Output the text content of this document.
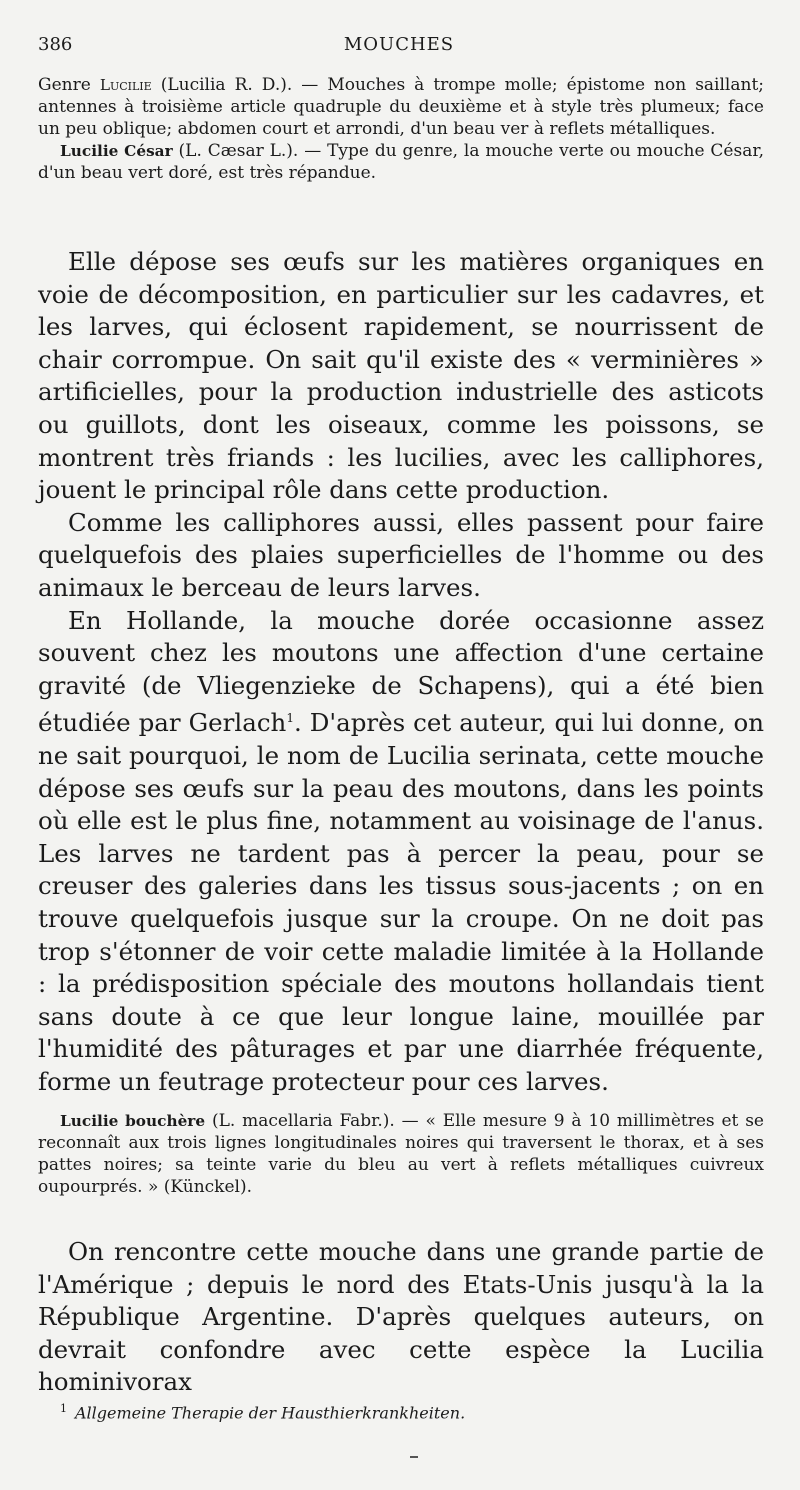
386	MOUCHES

Genre Lucilie (Lucilia R. D.). — Mouches à trompe molle; épistome non saillant; antennes à troisième article quadruple du deuxième et à style très plumeux; face un peu oblique; abdomen court et arrondi, d'un beau ver à reflets métalliques.

Lucilie César (L. Cæsar L.). — Type du genre, la mouche verte ou mouche César, d'un beau vert doré, est très répandue.

Elle dépose ses œufs sur les matières organiques en voie de décomposition, en particulier sur les cadavres, et les larves, qui éclosent rapidement, se nourrissent de chair corrompue. On sait qu'il existe des « verminières » artificielles, pour la production industrielle des asticots ou guillots, dont les oiseaux, comme les poissons, se montrent très friands : les lucilies, avec les calliphores, jouent le principal rôle dans cette production.

Comme les calliphores aussi, elles passent pour faire quelquefois des plaies superficielles de l'homme ou des animaux le berceau de leurs larves.

En Hollande, la mouche dorée occasionne assez souvent chez les moutons une affection d'une certaine gravité (de Vliegenzieke de Schapens), qui a été bien étudiée par Gerlach$^1$. D'après cet auteur, qui lui donne, on ne sait pourquoi, le nom de Lucilia serinata, cette mouche dépose ses œufs sur la peau des moutons, dans les points où elle est le plus fine, notamment au voisinage de l'anus. Les larves ne tardent pas à percer la peau, pour se creuser des galeries dans les tissus sous-jacents ; on en trouve quelquefois jusque sur la croupe. On ne doit pas trop s'étonner de voir cette maladie limitée à la Hollande : la prédisposition spéciale des moutons hollandais tient sans doute à ce que leur longue laine, mouillée par l'humidité des pâturages et par une diarrhée fréquente, forme un feutrage protecteur pour ces larves.

Lucilie bouchère (L. macellaria Fabr.). — « Elle mesure 9 à 10 millimètres et se reconnaît aux trois lignes longitudinales noires qui traversent le thorax, et à ses pattes noires; sa teinte varie du bleu au vert à reflets métalliques cuivreux oupourprés. » (Künckel).

On rencontre cette mouche dans une grande partie de l'Amérique ; depuis le nord des Etats-Unis jusqu'à la la République Argentine. D'après quelques auteurs, on devrait confondre avec cette espèce la Lucilia hominivorax

$^1$ Allgemeine Therapie der Hausthierkrankheiten.
